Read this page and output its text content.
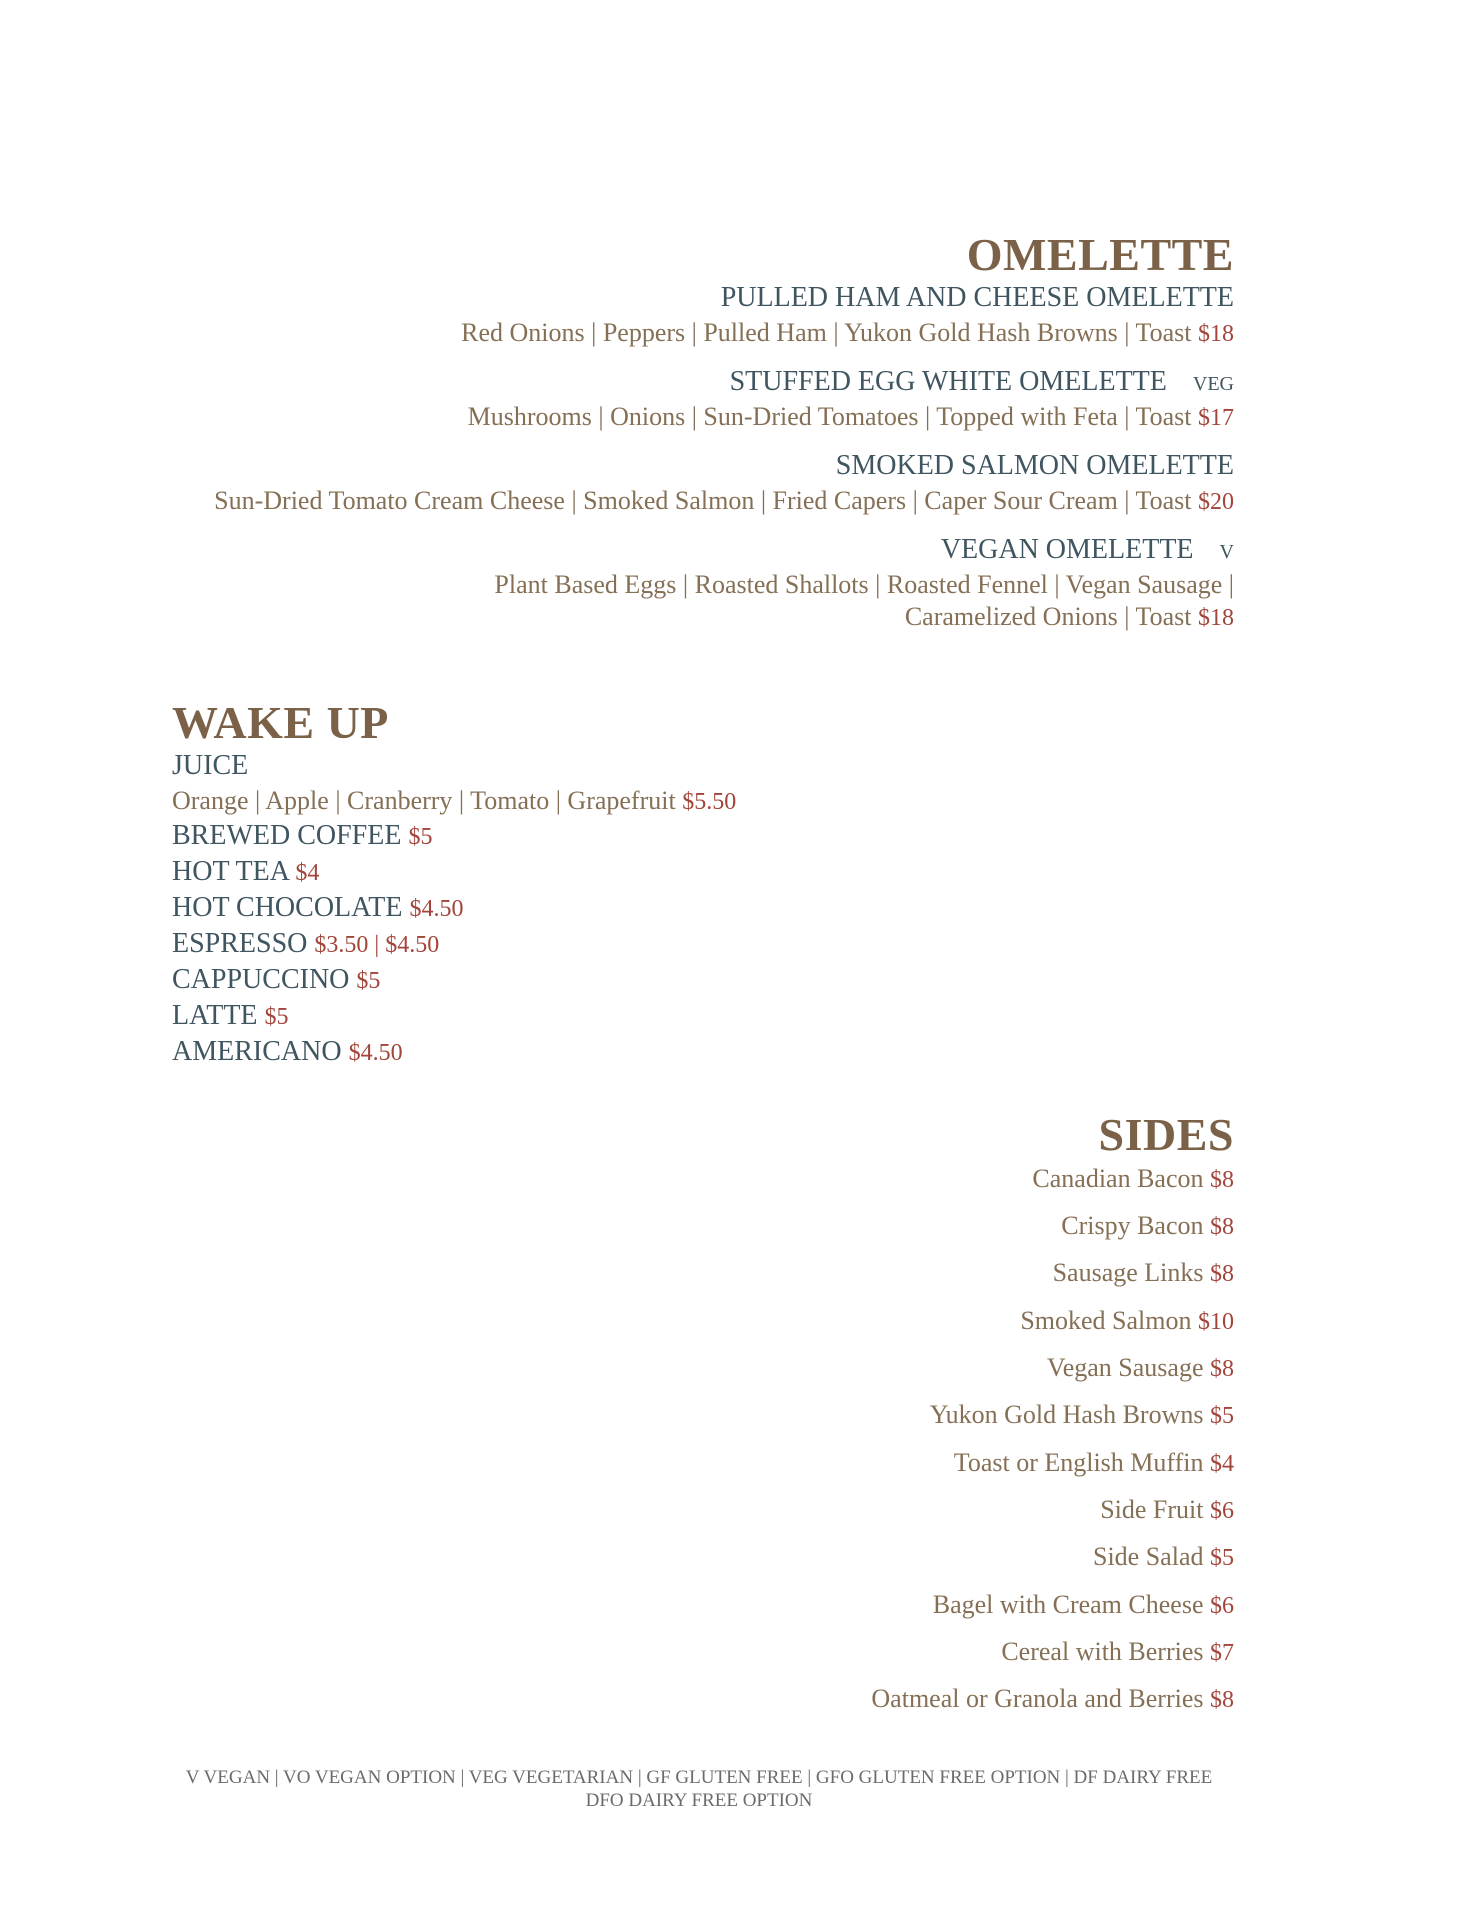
OMELETTE
PULLED HAM AND CHEESE OMELETTE
Red Onions | Peppers | Pulled Ham | Yukon Gold Hash Browns | Toast $18
STUFFED EGG WHITE OMELETTE VEG
Mushrooms | Onions | Sun-Dried Tomatoes | Topped with Feta | Toast $17
SMOKED SALMON OMELETTE
Sun-Dried Tomato Cream Cheese | Smoked Salmon | Fried Capers | Caper Sour Cream | Toast $20
VEGAN OMELETTE V
Plant Based Eggs | Roasted Shallots | Roasted Fennel | Vegan Sausage |
Caramelized Onions | Toast $18
WAKE UP
JUICE
Orange | Apple | Cranberry | Tomato | Grapefruit $5.50
BREWED COFFEE $5
HOT TEA $4
HOT CHOCOLATE $4.50
ESPRESSO $3.50 | $4.50
CAPPUCCINO $5
LATTE $5
AMERICANO $4.50
SIDES
Canadian Bacon $8
Crispy Bacon $8
Sausage Links $8
Smoked Salmon $10
Vegan Sausage $8
Yukon Gold Hash Browns $5
Toast or English Muffin $4
Side Fruit $6
Side Salad $5
Bagel with Cream Cheese $6
Cereal with Berries $7
Oatmeal or Granola and Berries $8
V VEGAN | VO VEGAN OPTION | VEG VEGETARIAN | GF GLUTEN FREE | GFO GLUTEN FREE OPTION | DF DAIRY FREE
DFO DAIRY FREE OPTION
